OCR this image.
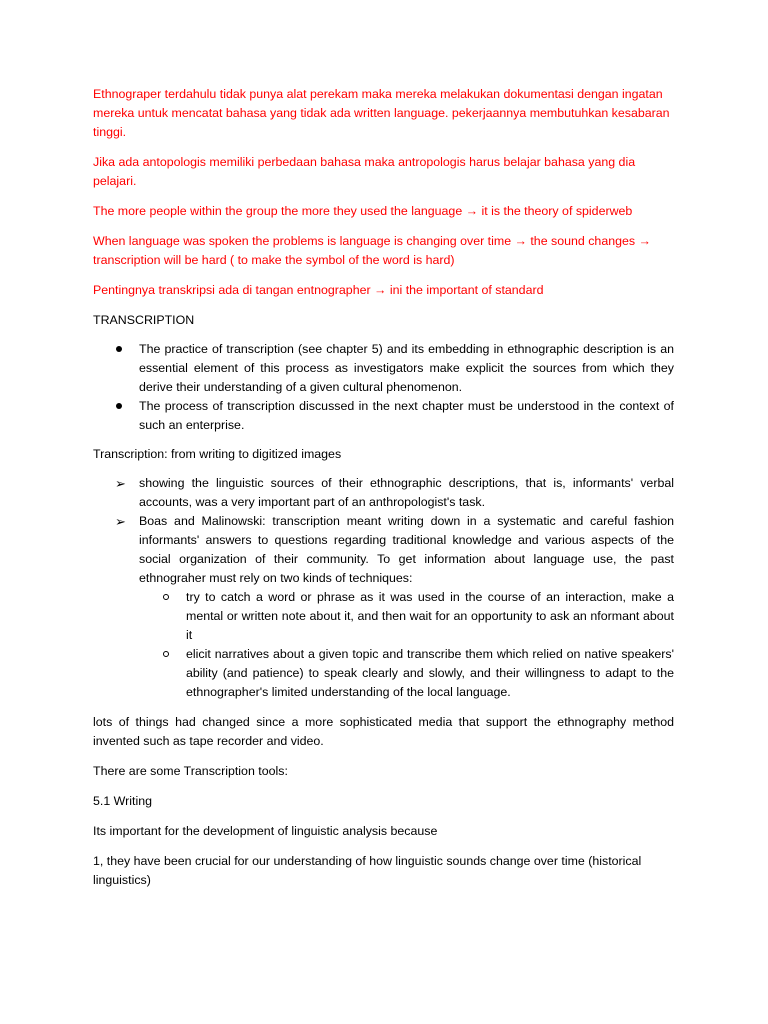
Ethnograper terdahulu tidak punya alat perekam maka mereka melakukan dokumentasi dengan ingatan mereka untuk mencatat bahasa yang tidak ada written language. pekerjaannya membutuhkan kesabaran tinggi.

Jika ada antopologis memiliki perbedaan bahasa maka antropologis harus belajar bahasa yang dia pelajari.

The more people within the group the more they used the language → it is the theory of spiderweb

When language was spoken the problems is language is changing over time → the sound changes → transcription will be hard ( to make the symbol of the word is hard)

Pentingnya transkripsi ada di tangan entnographer → ini the important of standard

TRANSCRIPTION

The practice of transcription (see chapter 5) and its embedding in ethnographic description is an essential element of this process as investigators make explicit the sources from which they derive their understanding of a given cultural phenomenon.
The process of transcription discussed in the next chapter must be understood in the context of such an enterprise.

Transcription: from writing to digitized images

➢ showing the linguistic sources of their ethnographic descriptions, that is, informants' verbal accounts, was a very important part of an anthropologist's task.
➢ Boas and Malinowski: transcription meant writing down in a systematic and careful fashion informants' answers to questions regarding traditional knowledge and various aspects of the social organization of their community. To get information about language use, the past ethnograher must rely on two kinds of techniques:
try to catch a word or phrase as it was used in the course of an interaction, make a mental or written note about it, and then wait for an opportunity to ask an nformant about it
elicit narratives about a given topic and transcribe them which relied on native speakers' ability (and patience) to speak clearly and slowly, and their willingness to adapt to the ethnographer's limited understanding of the local language.

lots of things had changed since a more sophisticated media that support the ethnography method invented such as tape recorder and video.

There are some Transcription tools:

5.1 Writing

Its important for the development of linguistic analysis because

1, they have been crucial for our understanding of how linguistic sounds change over time (historical linguistics)
